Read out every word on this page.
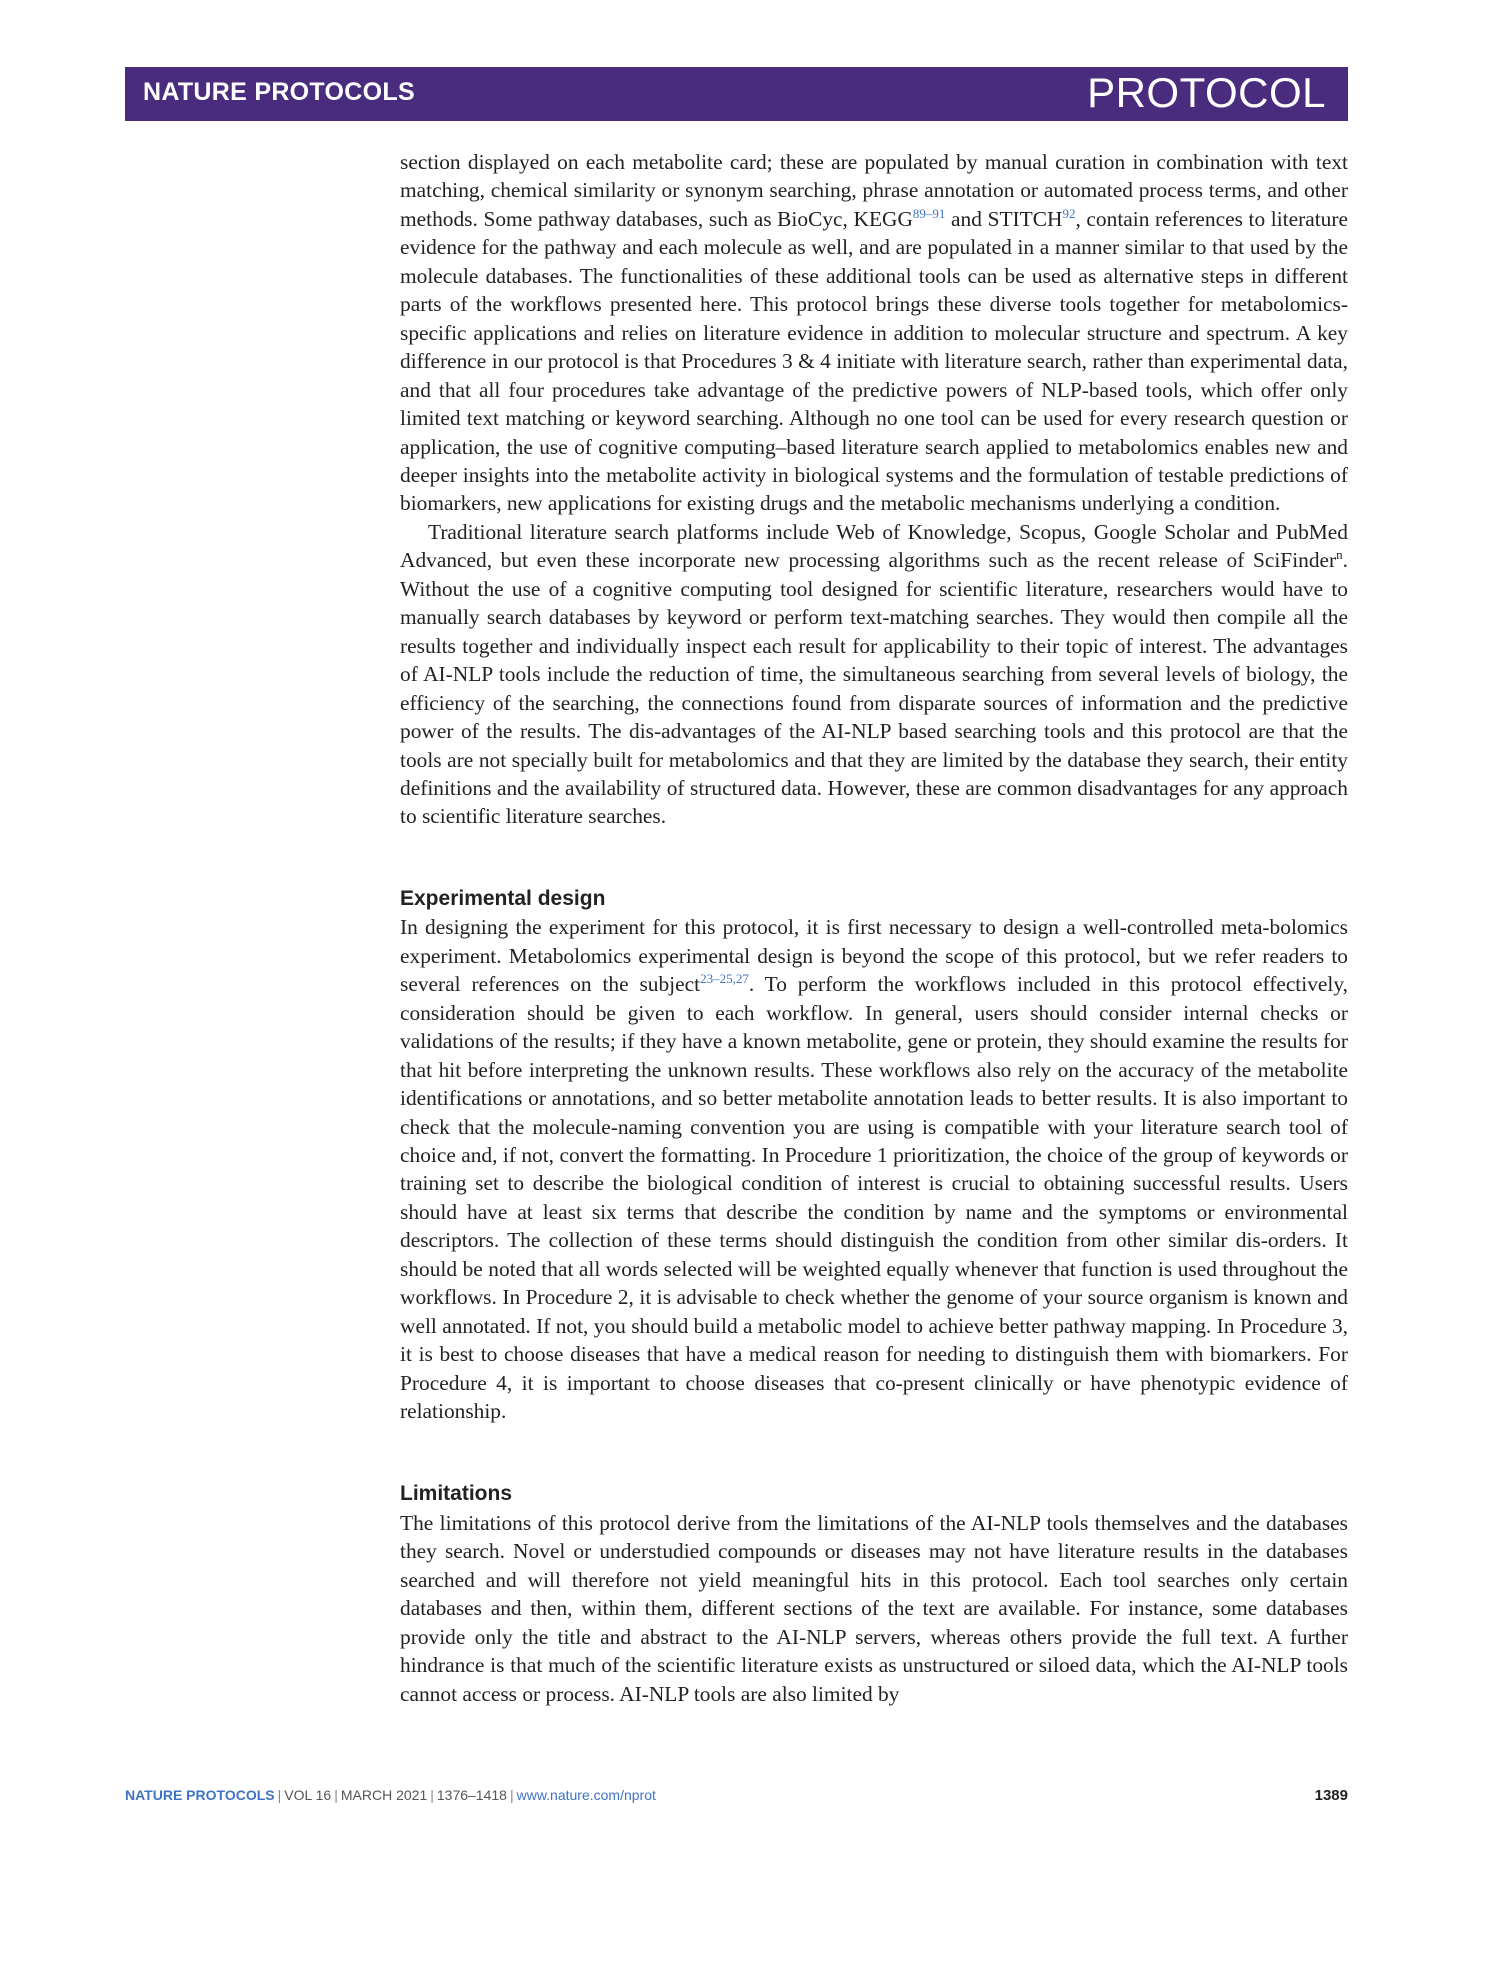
NATURE PROTOCOLS	PROTOCOL

section displayed on each metabolite card; these are populated by manual curation in combination with text matching, chemical similarity or synonym searching, phrase annotation or automated process terms, and other methods. Some pathway databases, such as BioCyc, KEGG$^{89-91}$ and STITCH$^{92}$, contain references to literature evidence for the pathway and each molecule as well, and are populated in a manner similar to that used by the molecule databases. The functionalities of these additional tools can be used as alternative steps in different parts of the workflows presented here. This protocol brings these diverse tools together for metabolomics-specific applications and relies on literature evidence in addition to molecular structure and spectrum. A key difference in our protocol is that Procedures 3 & 4 initiate with literature search, rather than experimental data, and that all four procedures take advantage of the predictive powers of NLP-based tools, which offer only limited text matching or keyword searching. Although no one tool can be used for every research question or application, the use of cognitive computing–based literature search applied to metabolomics enables new and deeper insights into the metabolite activity in biological systems and the formulation of testable predictions of biomarkers, new applications for existing drugs and the metabolic mechanisms underlying a condition.

Traditional literature search platforms include Web of Knowledge, Scopus, Google Scholar and PubMed Advanced, but even these incorporate new processing algorithms such as the recent release of SciFinder$^n$. Without the use of a cognitive computing tool designed for scientific literature, researchers would have to manually search databases by keyword or perform text-matching searches. They would then compile all the results together and individually inspect each result for applicability to their topic of interest. The advantages of AI-NLP tools include the reduction of time, the simultaneous searching from several levels of biology, the efficiency of the searching, the connections found from disparate sources of information and the predictive power of the results. The dis-advantages of the AI-NLP based searching tools and this protocol are that the tools are not specially built for metabolomics and that they are limited by the database they search, their entity definitions and the availability of structured data. However, these are common disadvantages for any approach to scientific literature searches.

Experimental design

In designing the experiment for this protocol, it is first necessary to design a well-controlled meta-bolomics experiment. Metabolomics experimental design is beyond the scope of this protocol, but we refer readers to several references on the subject$^{23-25,27}$. To perform the workflows included in this protocol effectively, consideration should be given to each workflow. In general, users should consider internal checks or validations of the results; if they have a known metabolite, gene or protein, they should examine the results for that hit before interpreting the unknown results. These workflows also rely on the accuracy of the metabolite identifications or annotations, and so better metabolite annotation leads to better results. It is also important to check that the molecule-naming convention you are using is compatible with your literature search tool of choice and, if not, convert the formatting. In Procedure 1 prioritization, the choice of the group of keywords or training set to describe the biological condition of interest is crucial to obtaining successful results. Users should have at least six terms that describe the condition by name and the symptoms or environmental descriptors. The collection of these terms should distinguish the condition from other similar dis-orders. It should be noted that all words selected will be weighted equally whenever that function is used throughout the workflows. In Procedure 2, it is advisable to check whether the genome of your source organism is known and well annotated. If not, you should build a metabolic model to achieve better pathway mapping. In Procedure 3, it is best to choose diseases that have a medical reason for needing to distinguish them with biomarkers. For Procedure 4, it is important to choose diseases that co-present clinically or have phenotypic evidence of relationship.

Limitations

The limitations of this protocol derive from the limitations of the AI-NLP tools themselves and the databases they search. Novel or understudied compounds or diseases may not have literature results in the databases searched and will therefore not yield meaningful hits in this protocol. Each tool searches only certain databases and then, within them, different sections of the text are available. For instance, some databases provide only the title and abstract to the AI-NLP servers, whereas others provide the full text. A further hindrance is that much of the scientific literature exists as unstructured or siloed data, which the AI-NLP tools cannot access or process. AI-NLP tools are also limited by

NATURE PROTOCOLS | VOL 16 | MARCH 2021 | 1376–1418 | www.nature.com/nprot	1389
